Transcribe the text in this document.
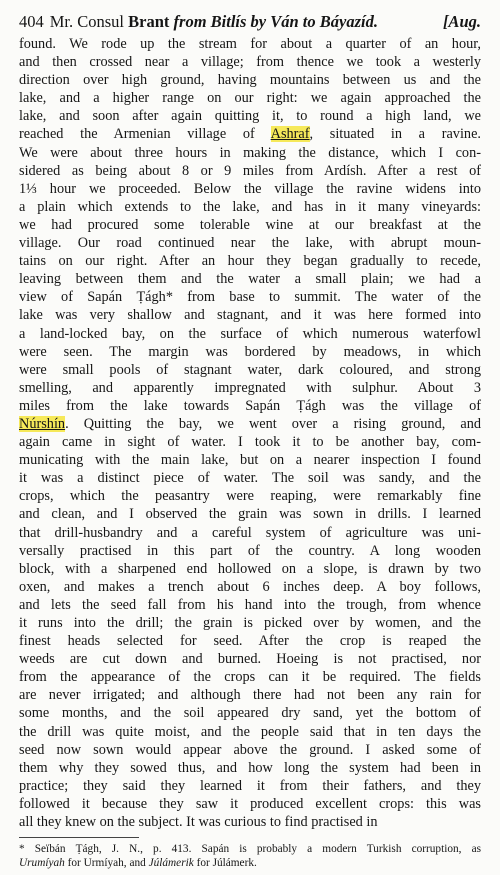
404 Mr. Consul Brant from Bitlís by Ván to Báyazíd.	[Aug.
found. We rode up the stream for about a quarter of an hour,
and then crossed near a village; from thence we took a westerly
direction over high ground, having mountains between us and the
lake, and a higher range on our right: we again approached the
lake, and soon after again quitting it, to round a high land, we
reached the Armenian village of Ashraf, situated in a ravine.
We were about three hours in making the distance, which I con-
sidered as being about 8 or 9 miles from Ardísh. After a rest of
1⅓ hour we proceeded. Below the village the ravine widens into
a plain which extends to the lake, and has in it many vineyards:
we had procured some tolerable wine at our breakfast at the
village. Our road continued near the lake, with abrupt moun-
tains on our right. After an hour they began gradually to recede,
leaving between them and the water a small plain; we had a
view of Sapán Ṭágh* from base to summit. The water of the
lake was very shallow and stagnant, and it was here formed into
a land-locked bay, on the surface of which numerous waterfowl
were seen. The margin was bordered by meadows, in which
were small pools of stagnant water, dark coloured, and strong
smelling, and apparently impregnated with sulphur. About 3
miles from the lake towards Sapán Ṭágh was the village of
Núrshín. Quitting the bay, we went over a rising ground, and
again came in sight of water. I took it to be another bay, com-
municating with the main lake, but on a nearer inspection I found
it was a distinct piece of water. The soil was sandy, and the
crops, which the peasantry were reaping, were remarkably fine
and clean, and I observed the grain was sown in drills. I learned
that drill-husbandry and a careful system of agriculture was uni-
versally practised in this part of the country. A long wooden
block, with a sharpened end hollowed on a slope, is drawn by two
oxen, and makes a trench about 6 inches deep. A boy follows,
and lets the seed fall from his hand into the trough, from whence
it runs into the drill; the grain is picked over by women, and the
finest heads selected for seed. After the crop is reaped the
weeds are cut down and burned. Hoeing is not practised, nor
from the appearance of the crops can it be required. The fields
are never irrigated; and although there had not been any rain for
some months, and the soil appeared dry sand, yet the bottom of
the drill was quite moist, and the people said that in ten days the
seed now sown would appear above the ground. I asked some of
them why they sowed thus, and how long the system had been in
practice; they said they learned it from their fathers, and they
followed it because they saw it produced excellent crops: this was
all they knew on the subject. It was curious to find practised in
* Seïbán Ṭágh, J. N., p. 413. Sapán is probably a modern Turkish corruption, as
Urumíyah for Urmíyah, and Júlámerik for Júlámerk.
